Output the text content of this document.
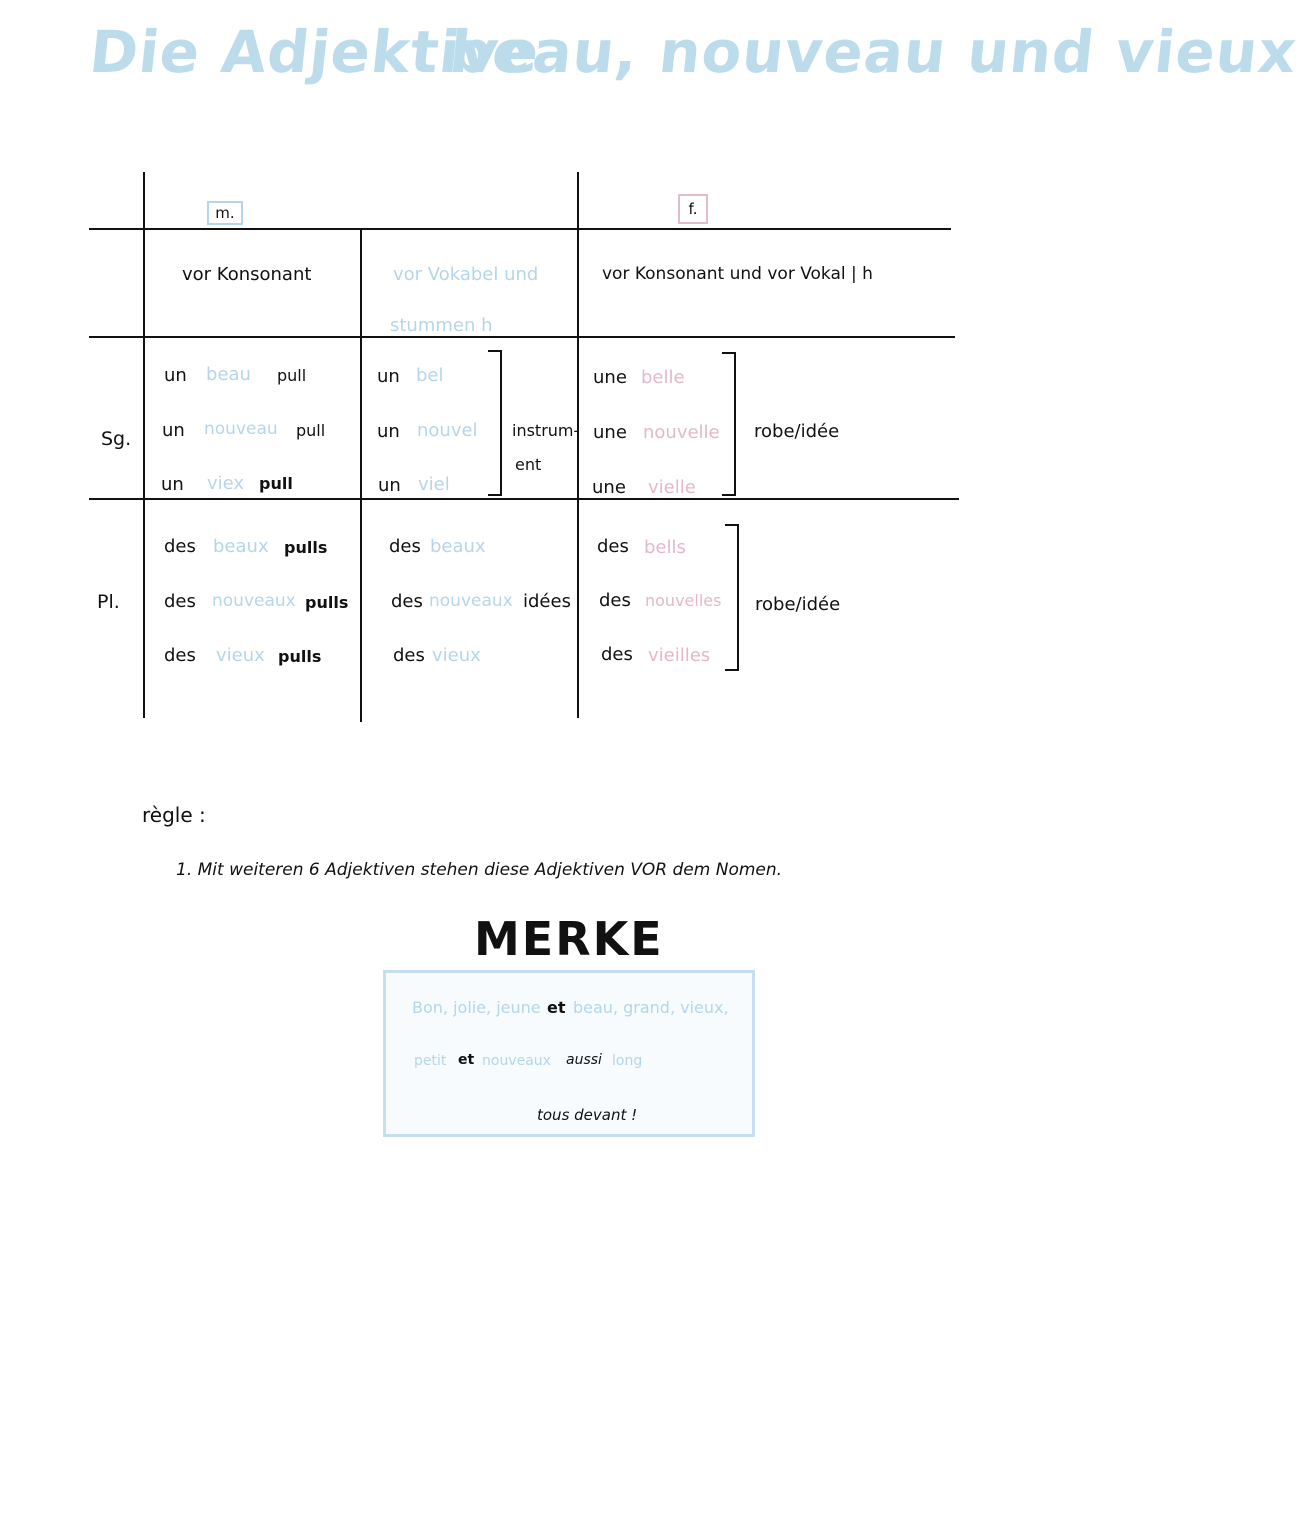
Die Adjektive
beau, nouveau und vieux
m.	f.
vor Konsonant	vor Vokabel und
stummen h
vor Konsonant und vor Vokal | h
Sg.
Pl.
un beau pull
un nouveau pull
un viex pull
un bel
un nouvel
un viel
instrum-
ent
une belle
une nouvelle
une vielle
robe/idée
des beaux pulls
des nouveaux pulls
des vieux pulls
des beaux
des nouveaux idées
des vieux
des bells
des nouvelles
des vieilles
robe/idée
règle :
1. Mit weiteren 6 Adjektiven stehen diese Adjektiven VOR dem Nomen.
MERKE
Bon, jolie, jeune et beau, grand, vieux,
petit et nouveaux aussi long
tous devant !
